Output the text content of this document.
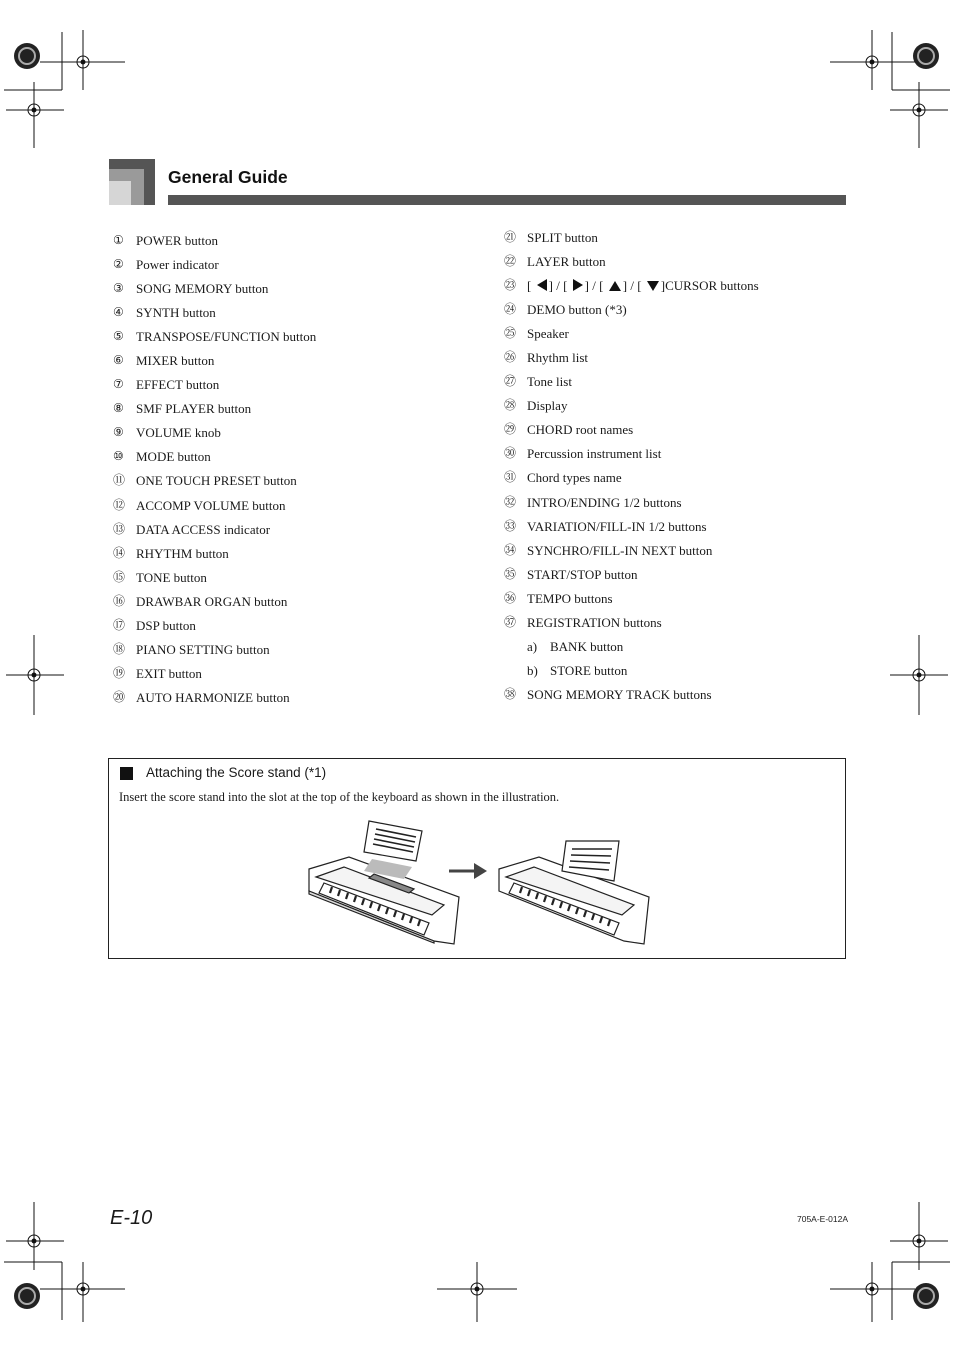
General Guide
① POWER button
② Power indicator
③ SONG MEMORY button
④ SYNTH button
⑤ TRANSPOSE/FUNCTION button
⑥ MIXER button
⑦ EFFECT button
⑧ SMF PLAYER button
⑨ VOLUME knob
⑩ MODE button
⑪ ONE TOUCH PRESET button
⑫ ACCOMP VOLUME button
⑬ DATA ACCESS indicator
⑭ RHYTHM button
⑮ TONE button
⑯ DRAWBAR ORGAN button
⑰ DSP button
⑱ PIANO SETTING button
⑲ EXIT button
⑳ AUTO HARMONIZE button
㉑ SPLIT button
㉒ LAYER button
㉓ [ ] / [ ] / [ ] / [ ]CURSOR buttons
㉔ DEMO button (*3)
㉕ Speaker
㉖ Rhythm list
㉗ Tone list
㉘ Display
㉙ CHORD root names
㉚ Percussion instrument list
㉛ Chord types name
㉜ INTRO/ENDING 1/2 buttons
㉝ VARIATION/FILL-IN 1/2 buttons
㉞ SYNCHRO/FILL-IN NEXT button
㉟ START/STOP button
㊱ TEMPO buttons
㊲ REGISTRATION buttons
a) BANK button
b) STORE button
㊳ SONG MEMORY TRACK buttons
Attaching the Score stand (*1)
Insert the score stand into the slot at the top of the keyboard as shown in the illustration.
E-10	705A-E-012A
